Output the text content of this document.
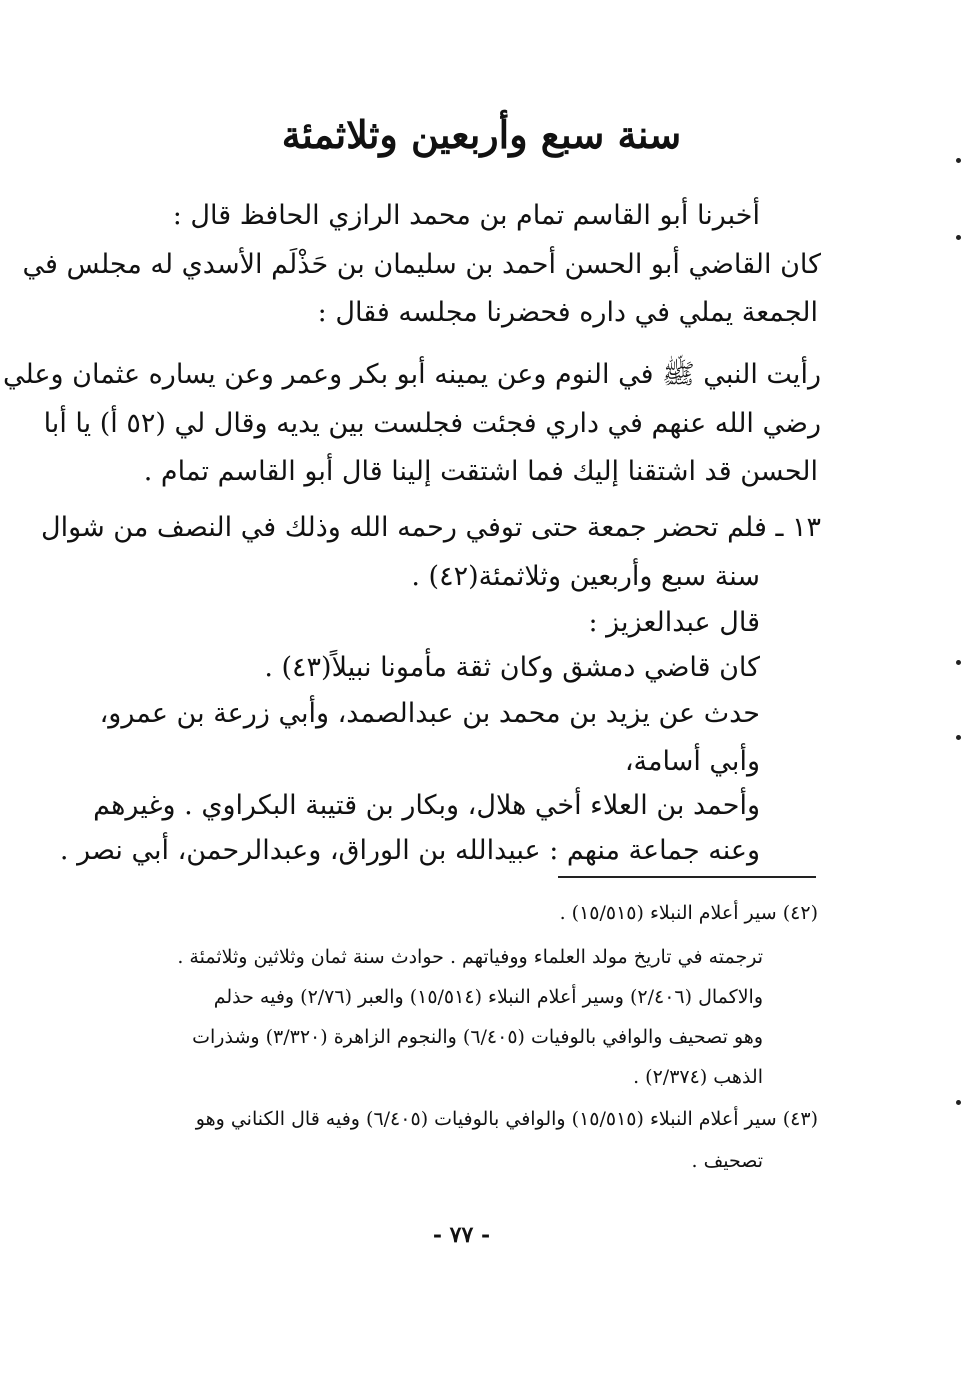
سنة سبع وأربعين وثلاثمئة
أخبرنا أبو القاسم تمام بن محمد الرازي الحافظ قال :
كان القاضي أبو الحسن أحمد بن سليمان بن حَذْلَم الأسدي له مجلس في
الجمعة يملي في داره فحضرنا مجلسه فقال :
رأيت النبي ﷺ في النوم وعن يمينه أبو بكر وعمر وعن يساره عثمان وعلي
رضي الله عنهم في داري فجئت فجلست بين يديه وقال لي (٥٢ أ) يا أبا
الحسن قد اشتقنا إليك فما اشتقت إلينا قال أبو القاسم تمام .
١٣ ـ فلم تحضر جمعة حتى توفي رحمه الله وذلك في النصف من شوال
سنة سبع وأربعين وثلاثمئة(٤٢) .
قال عبدالعزيز :
كان قاضي دمشق وكان ثقة مأمونا نبيلاً(٤٣) .
حدث عن يزيد بن محمد بن عبدالصمد، وأبي زرعة بن عمرو،
وأبي أسامة،
وأحمد بن العلاء أخي هلال، وبكار بن قتيبة البكراوي . وغيرهم
وعنه جماعة منهم : عبيدالله بن الوراق، وعبدالرحمن، أبي نصر .
(٤٢) سير أعلام النبلاء (١٥/٥١٥) .
ترجمته في تاريخ مولد العلماء ووفياتهم . حوادث سنة ثمان وثلاثين وثلاثمئة .
والاكمال (٢/٤٠٦) وسير أعلام النبلاء (١٥/٥١٤) والعبر (٢/٧٦) وفيه حذلم
وهو تصحيف والوافي بالوفيات (٦/٤٠٥) والنجوم الزاهرة (٣/٣٢٠) وشذرات
الذهب (٢/٣٧٤) .
(٤٣) سير أعلام النبلاء (١٥/٥١٥) والوافي بالوفيات (٦/٤٠٥) وفيه قال الكناني وهو
تصحيف .
- ٧٧ -
